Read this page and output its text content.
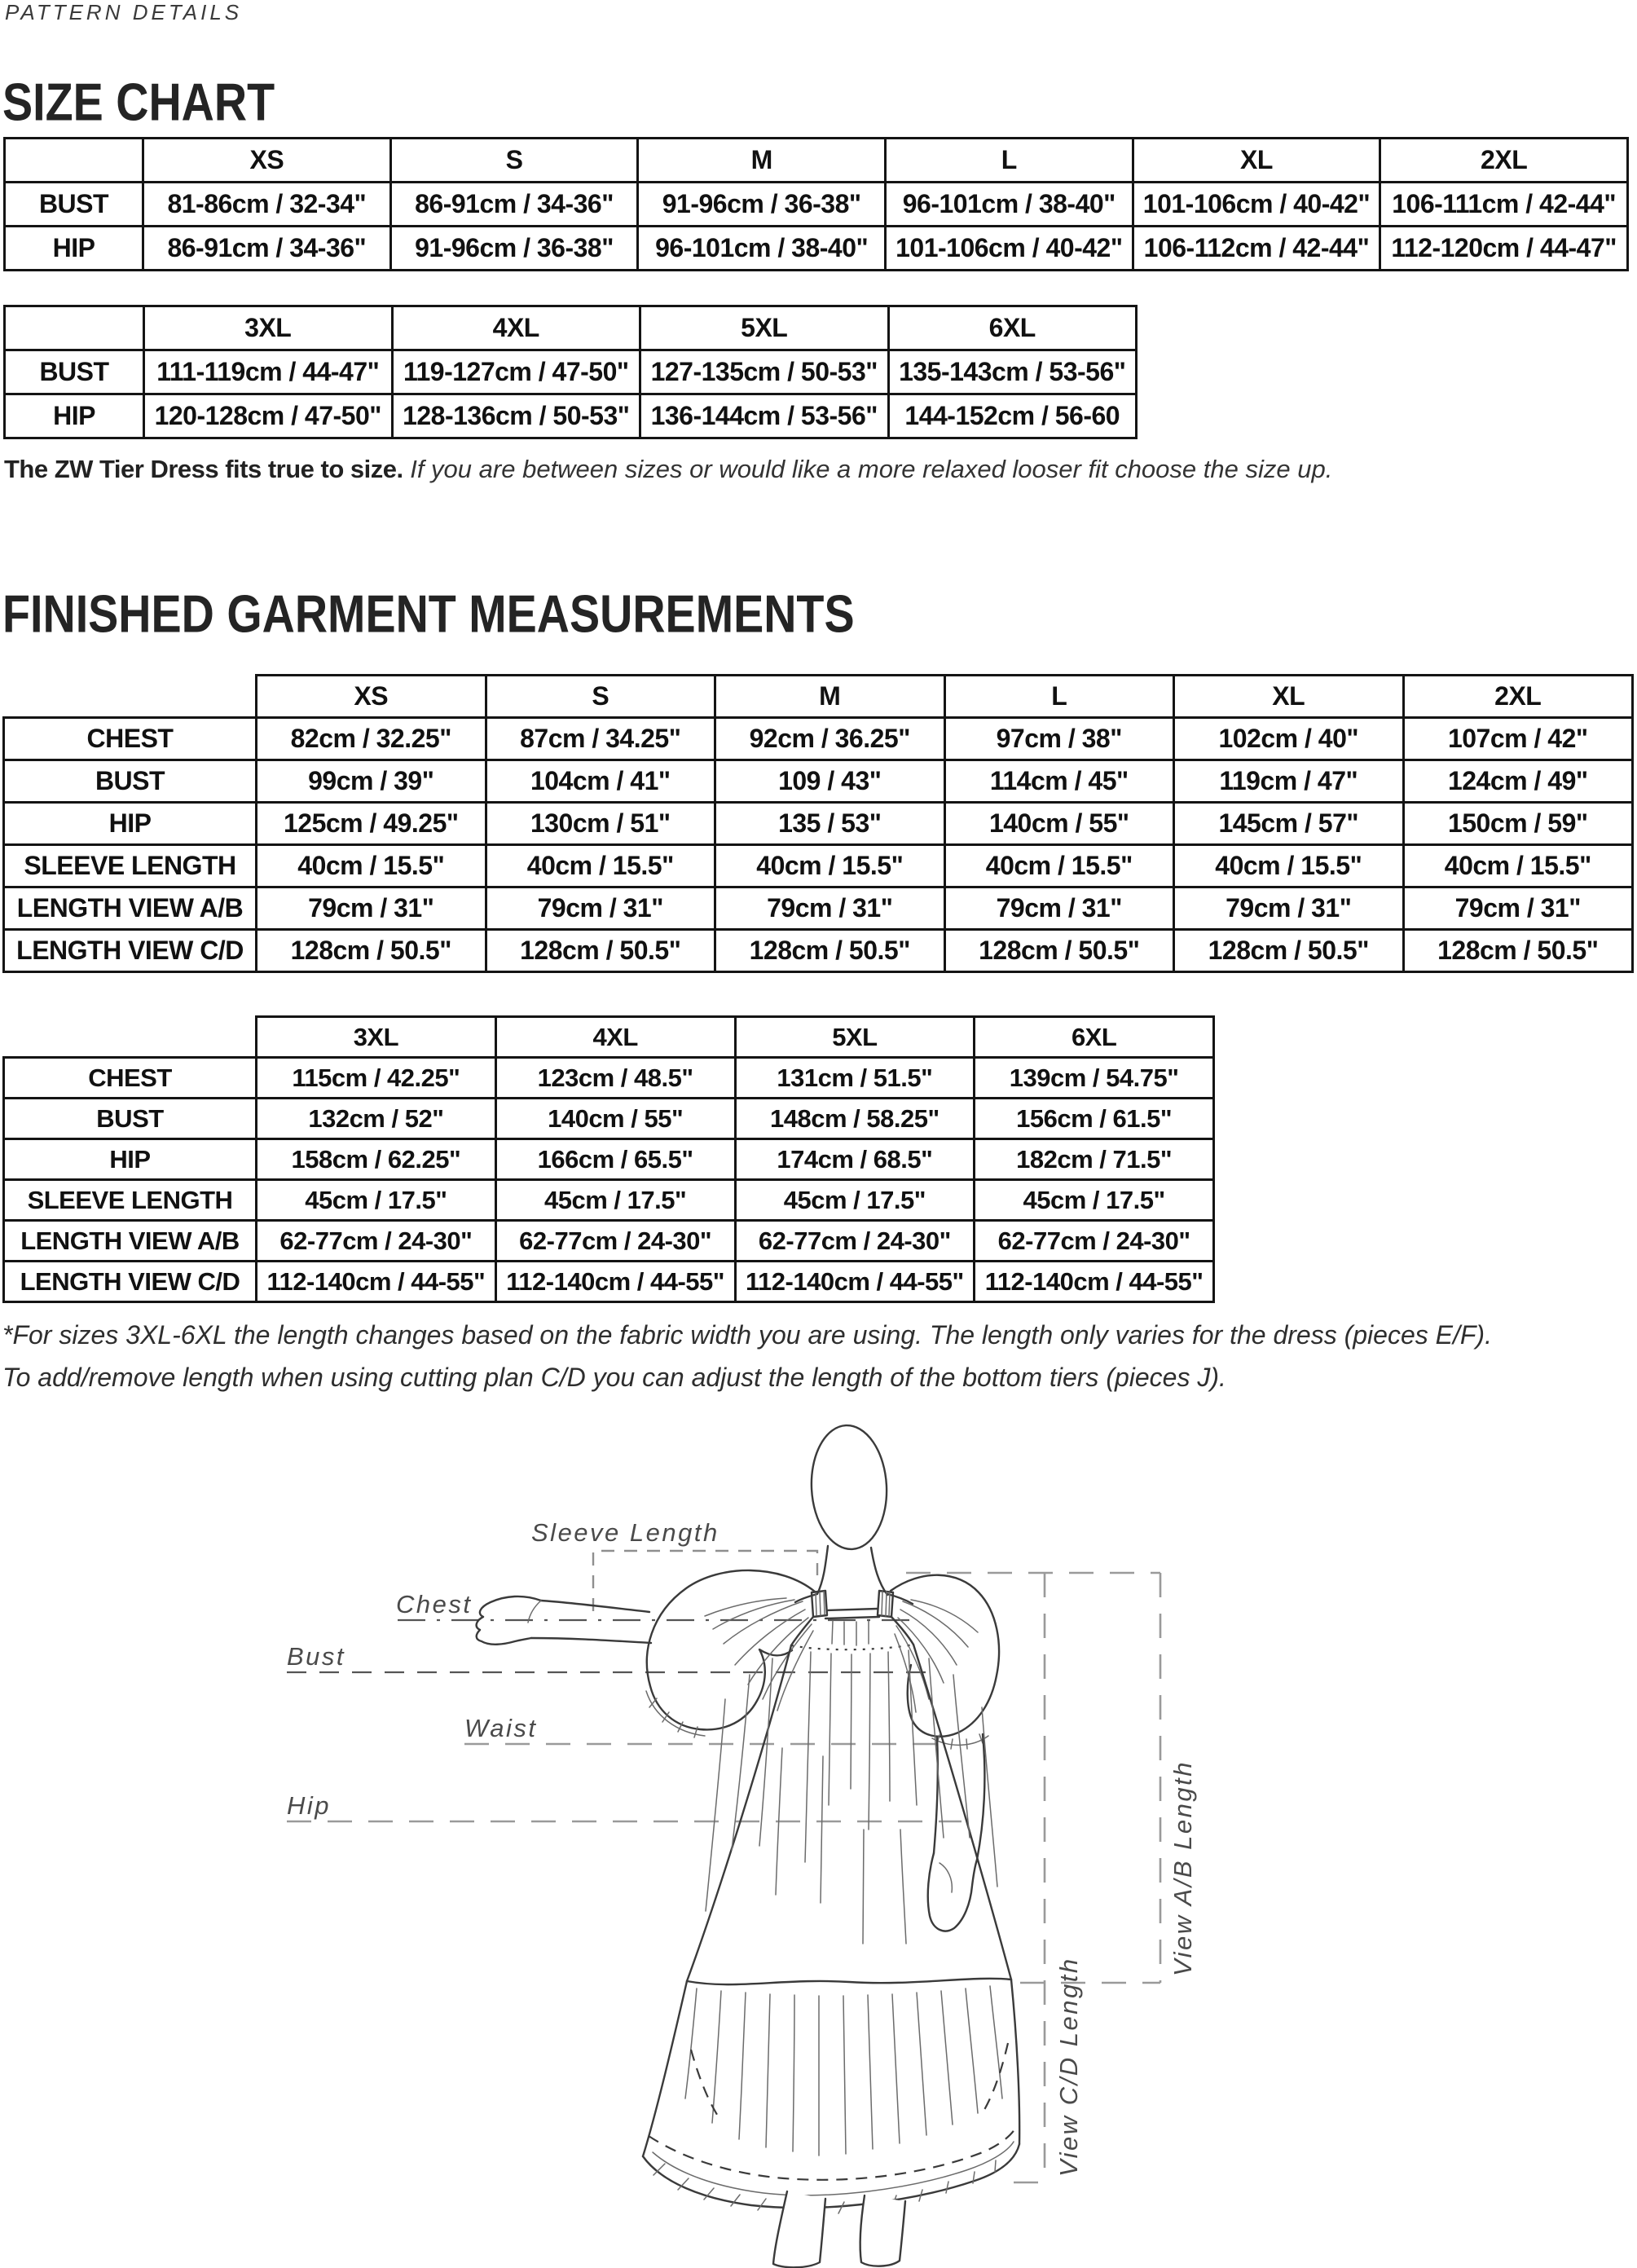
PATTERN DETAILS
SIZE CHART
	XS	S	M	L	XL	2XL
BUST	81-86cm / 32-34"	86-91cm / 34-36"	91-96cm / 36-38"	96-101cm / 38-40"	101-106cm / 40-42"	106-111cm / 42-44"
HIP	86-91cm / 34-36"	91-96cm / 36-38"	96-101cm / 38-40"	101-106cm / 40-42"	106-112cm / 42-44"	112-120cm / 44-47"
	3XL	4XL	5XL	6XL
BUST	111-119cm / 44-47"	119-127cm / 47-50"	127-135cm / 50-53"	135-143cm / 53-56"
HIP	120-128cm / 47-50"	128-136cm / 50-53"	136-144cm / 53-56"	144-152cm / 56-60

The ZW Tier Dress fits true to size. If you are between sizes or would like a more relaxed looser fit choose the size up.

FINISHED GARMENT MEASUREMENTS
	XS	S	M	L	XL	2XL
CHEST	82cm / 32.25"	87cm / 34.25"	92cm / 36.25"	97cm / 38"	102cm / 40"	107cm / 42"
BUST	99cm / 39"	104cm / 41"	109 / 43"	114cm / 45"	119cm / 47"	124cm / 49"
HIP	125cm / 49.25"	130cm / 51"	135 / 53"	140cm / 55"	145cm / 57"	150cm / 59"
SLEEVE LENGTH	40cm / 15.5"	40cm / 15.5"	40cm / 15.5"	40cm / 15.5"	40cm / 15.5"	40cm / 15.5"
LENGTH VIEW A/B	79cm / 31"	79cm / 31"	79cm / 31"	79cm / 31"	79cm / 31"	79cm / 31"
LENGTH VIEW C/D	128cm / 50.5"	128cm / 50.5"	128cm / 50.5"	128cm / 50.5"	128cm / 50.5"	128cm / 50.5"
	3XL	4XL	5XL	6XL
CHEST	115cm / 42.25"	123cm / 48.5"	131cm / 51.5"	139cm / 54.75"
BUST	132cm / 52"	140cm / 55"	148cm / 58.25"	156cm / 61.5"
HIP	158cm / 62.25"	166cm / 65.5"	174cm / 68.5"	182cm / 71.5"
SLEEVE LENGTH	45cm / 17.5"	45cm / 17.5"	45cm / 17.5"	45cm / 17.5"
LENGTH VIEW A/B	62-77cm / 24-30"	62-77cm / 24-30"	62-77cm / 24-30"	62-77cm / 24-30"
LENGTH VIEW C/D	112-140cm / 44-55"	112-140cm / 44-55"	112-140cm / 44-55"	112-140cm / 44-55"
*For sizes 3XL-6XL the length changes based on the fabric width you are using. The length only varies for the dress (pieces E/F).
To add/remove length when using cutting plan C/D you can adjust the length of the bottom tiers (pieces J).
Sleeve Length
Chest
Bust
Waist
Hip	View A/B Length
View C/D Length
